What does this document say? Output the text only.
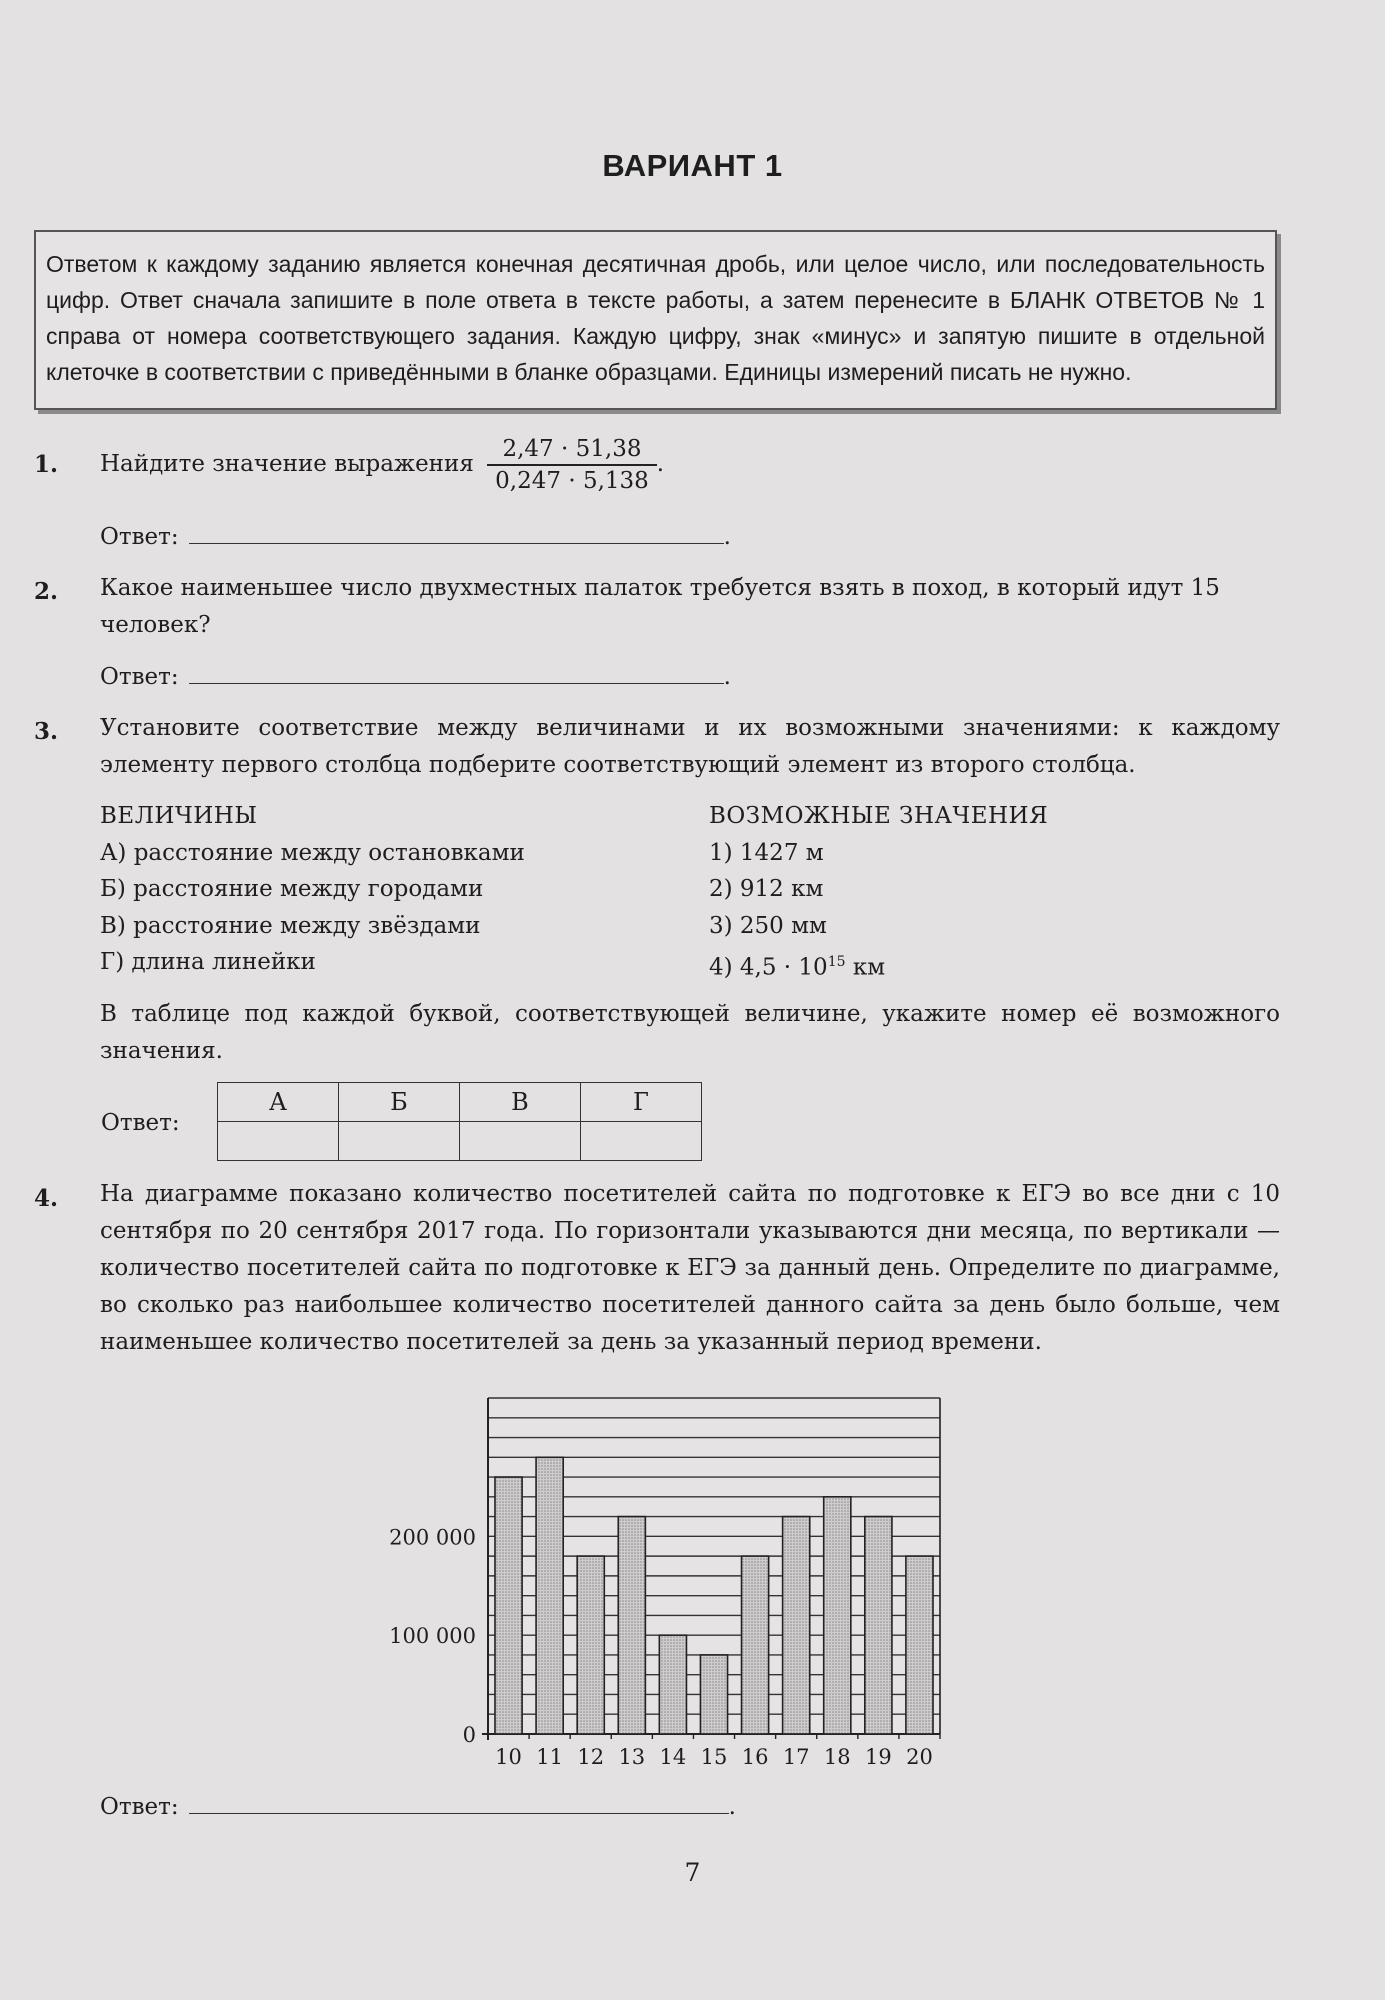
ВАРИАНТ 1
Ответом к каждому заданию является конечная десятичная дробь, или целое число, или последовательность цифр. Ответ сначала запишите в поле ответа в тексте работы, а затем перенесите в БЛАНК ОТВЕТОВ № 1 справа от номера соответствующего задания. Каждую цифру, знак «минус» и запятую пишите в отдельной клеточке в соответствии с приведёнными в бланке образцами. Единицы измерений писать не нужно.
1. Найдите значение выражения $\frac{2,47 \cdot 51,38}{0,247 \cdot 5,138}$ .
Ответ:	.
2. Какое наименьшее число двухместных палаток требуется взять в поход, в который идут 15 человек?
Ответ:	.
3. Установите соответствие между величинами и их возможными значениями: к каждому элементу первого столбца подберите соответствующий элемент из второго столбца.
ВЕЛИЧИНЫ
А) расстояние между остановками
Б) расстояние между городами
В) расстояние между звёздами
Г) длина линейки
ВОЗМОЖНЫЕ ЗНАЧЕНИЯ
1) 1427 м
2) 912 км
3) 250 мм
4) $4,5 \cdot 10^{15}$ км
В таблице под каждой буквой, соответствующей величине, укажите номер её возможного значения.
Ответ:
А	Б	В	Г

4. На диаграмме показано количество посетителей сайта по подготовке к ЕГЭ во все дни с 10 сентября по 20 сентября 2017 года. По горизонтали указываются дни месяца, по вертикали — количество посетителей сайта по подготовке к ЕГЭ за данный день. Определите по диаграмме, во сколько раз наибольшее количество посетителей данного сайта за день было больше, чем наименьшее количество посетителей за день за указанный период времени.
10 11 12 13 14 15 16 17 18 19 20
0
100 000
200 000
Ответ:	.
7
